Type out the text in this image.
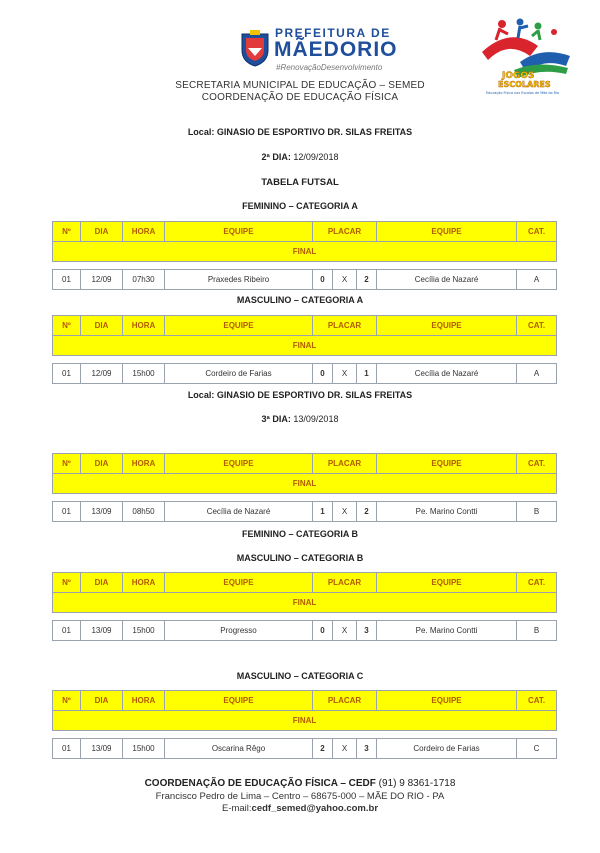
PREFEITURA DE
MÃEDORIO
#RenovaçãoDesenvolvimento
JOGOS
ESCOLARES
Educação Física nas Escolas de Mãe do Rio
SECRETARIA MUNICIPAL DE EDUCAÇÃO – SEMED
COORDENAÇÃO DE EDUCAÇÃO FÍSICA
Local: GINASIO DE ESPORTIVO DR. SILAS FREITAS
2ª DIA: 12/09/2018
TABELA FUTSAL
FEMININO – CATEGORIA A
Nº	DIA	HORA	EQUIPE	PLACAR			EQUIPE	CAT.
FINAL								

01	12/09	07h30	Praxedes Ribeiro	0	X	2	Cecília de Nazaré	A
MASCULINO – CATEGORIA A
Nº	DIA	HORA	EQUIPE	PLACAR			EQUIPE	CAT.
FINAL								

01	12/09	15h00	Cordeiro de Farias	0	X	1	Cecília de Nazaré	A
Local: GINASIO DE ESPORTIVO DR. SILAS FREITAS
3ª DIA: 13/09/2018
Nº	DIA	HORA	EQUIPE	PLACAR			EQUIPE	CAT.
FINAL								

01	13/09	08h50	Cecília de Nazaré	1	X	2	Pe. Marino Contti	B
FEMININO – CATEGORIA B
MASCULINO – CATEGORIA B
Nº	DIA	HORA	EQUIPE	PLACAR			EQUIPE	CAT.
FINAL								

01	13/09	15h00	Progresso	0	X	3	Pe. Marino Contti	B
MASCULINO – CATEGORIA C
Nº	DIA	HORA	EQUIPE	PLACAR			EQUIPE	CAT.
FINAL								

01	13/09	15h00	Oscarina Rêgo	2	X	3	Cordeiro de Farias	C
COORDENAÇÃO DE EDUCAÇÃO FÍSICA – CEDF (91) 9 8361-1718
Francisco Pedro de Lima – Centro – 68675-000 – MÃE DO RIO - PA
E-mail:cedf_semed@yahoo.com.br
